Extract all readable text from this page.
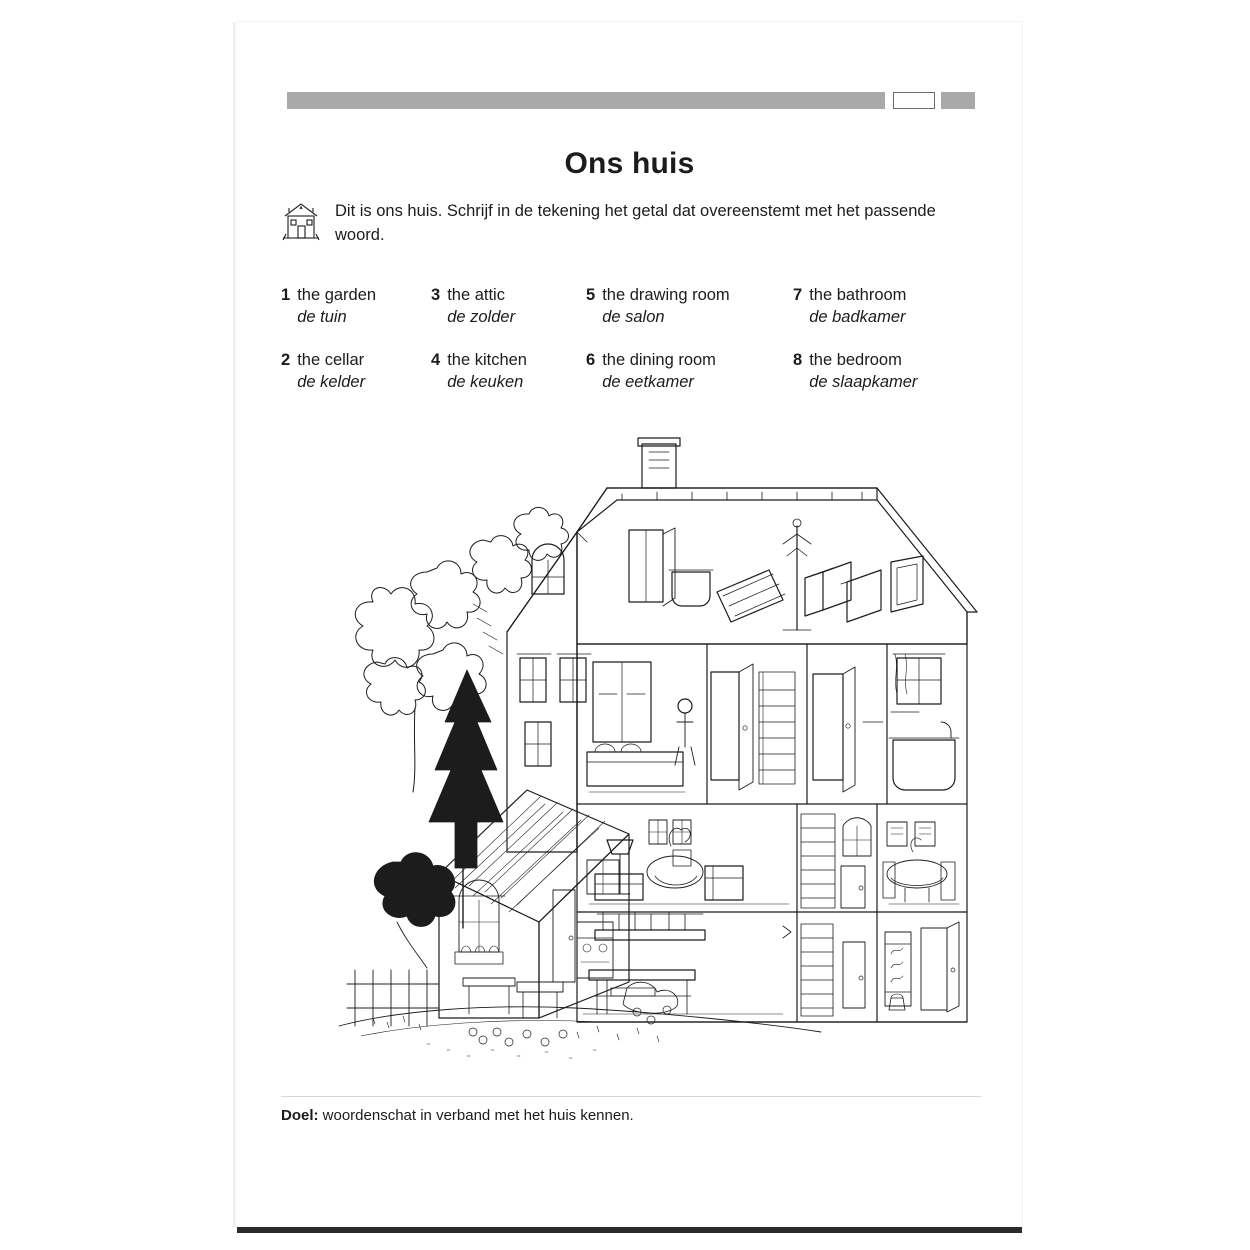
Ons huis
Dit is ons huis. Schrijf in de tekening het getal dat overeenstemt met het passende woord.
1 the garden
de tuin
3 the attic
de zolder
5 the drawing room
de salon
7 the bathroom
de badkamer
2 the cellar
de kelder
4 the kitchen
de keuken
6 the dining room
de eetkamer
8 the bedroom
de slaapkamer
Doel: woordenschat in verband met het huis kennen.
